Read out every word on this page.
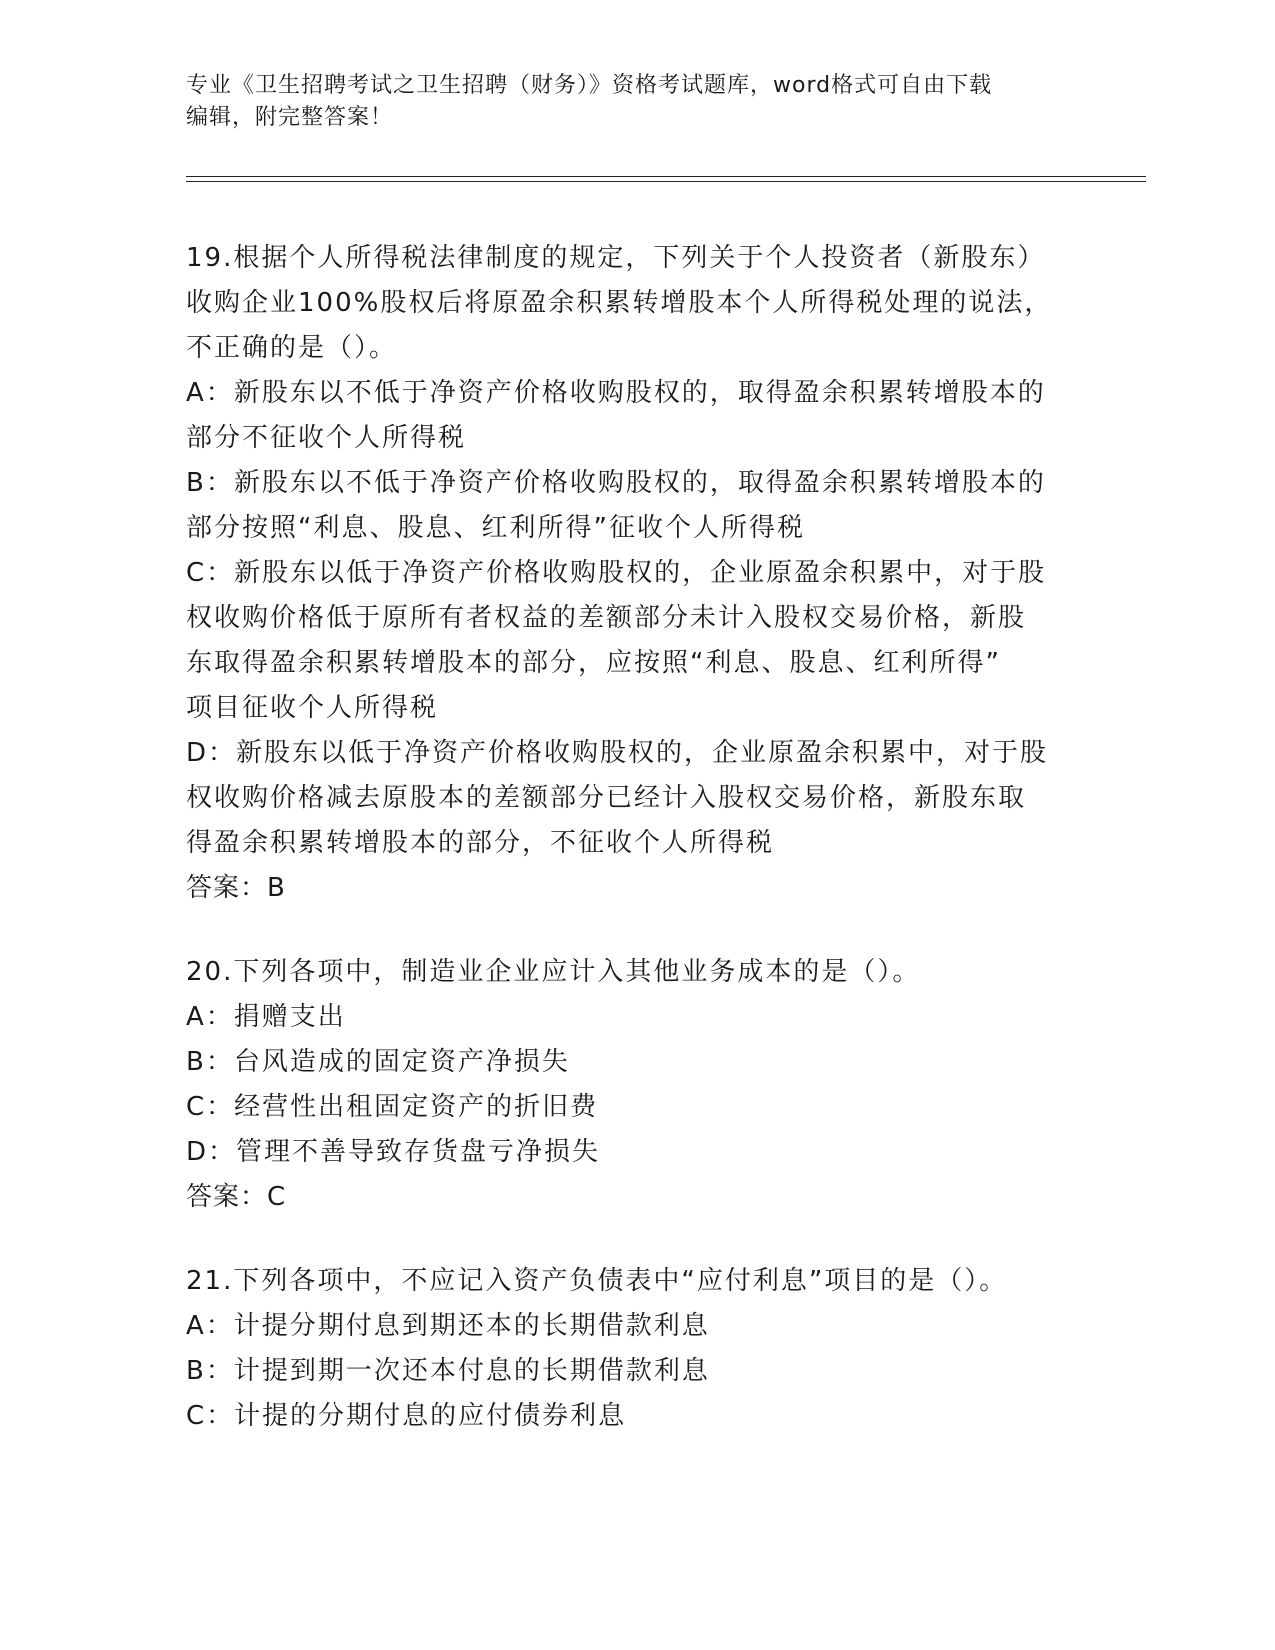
专业《卫生招聘考试之卫生招聘（财务）》资格考试题库，word格式可自由下载
编辑，附完整答案！
19.根据个人所得税法律制度的规定，下列关于个人投资者（新股东）
收购企业100%股权后将原盈余积累转增股本个人所得税处理的说法，
不正确的是（）。
A：新股东以不低于净资产价格收购股权的，取得盈余积累转增股本的
部分不征收个人所得税
B：新股东以不低于净资产价格收购股权的，取得盈余积累转增股本的
部分按照“利息、股息、红利所得”征收个人所得税
C：新股东以低于净资产价格收购股权的，企业原盈余积累中，对于股
权收购价格低于原所有者权益的差额部分未计入股权交易价格，新股
东取得盈余积累转增股本的部分，应按照“利息、股息、红利所得”
项目征收个人所得税
D：新股东以低于净资产价格收购股权的，企业原盈余积累中，对于股
权收购价格减去原股本的差额部分已经计入股权交易价格，新股东取
得盈余积累转增股本的部分，不征收个人所得税
答案：B
20.下列各项中，制造业企业应计入其他业务成本的是（）。
A：捐赠支出
B：台风造成的固定资产净损失
C：经营性出租固定资产的折旧费
D：管理不善导致存货盘亏净损失
答案：C
21.下列各项中，不应记入资产负债表中“应付利息”项目的是（）。
A：计提分期付息到期还本的长期借款利息
B：计提到期一次还本付息的长期借款利息
C：计提的分期付息的应付债券利息
